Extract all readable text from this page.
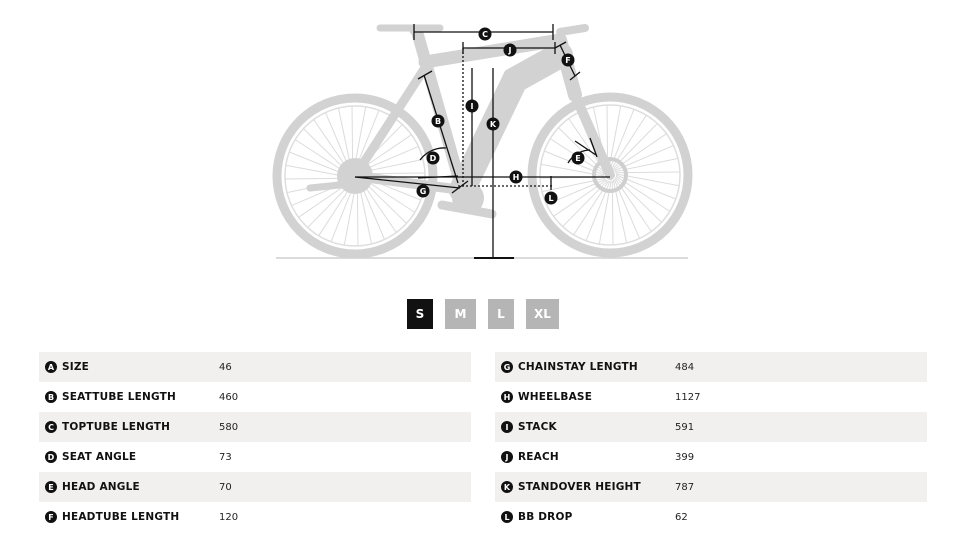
C
J
F
I
K
B
D	E
H
G
L
S	M	L	XL
A SIZE	46
B SEATTUBE LENGTH	460
C TOPTUBE LENGTH	580
D SEAT ANGLE	73
E HEAD ANGLE	70
F HEADTUBE LENGTH	120
G CHAINSTAY LENGTH	484
H WHEELBASE	1127
I STACK	591
J REACH	399
K STANDOVER HEIGHT	787
L BB DROP	62
